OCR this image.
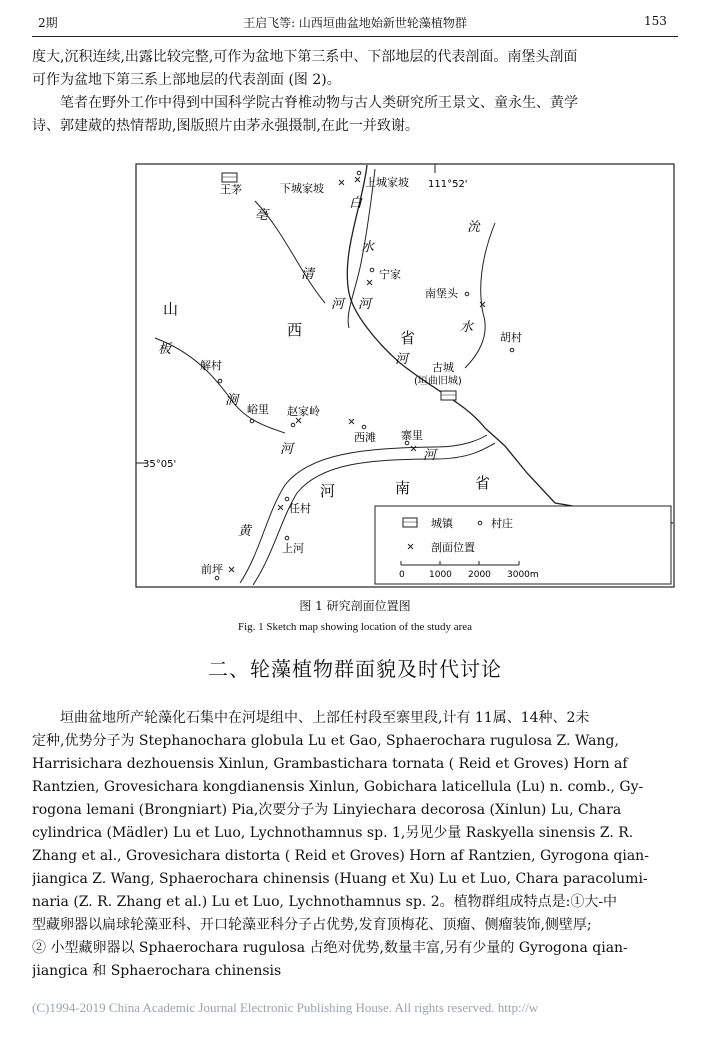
2期	王启飞等: 山西垣曲盆地始新世轮藻植物群	153
度大,沉积连续,出露比较完整,可作为盆地下第三系中、下部地层的代表剖面。南堡头剖面
可作为盆地下第三系上部地层的代表剖面 (图 2)。
笔者在野外工作中得到中国科学院古脊椎动物与古人类研究所王景文、童永生、黄学
诗、郭建葳的热情帮助,图版照片由茅永强摄制,在此一并致谢。
王茅	下城家坡	上城家坡 111°52'
宁家
南堡头
胡村
古城
(垣曲旧城)
解村
峪里 赵家岭
西滩 寨里
任村
上河
前坪
35°05'
山
西	省
河	南	省
亳
清
河
白
水
河
沇
水
河
板
涧
河
黄
河
城镇	村庄
剖面位置
0	1000 2000 3000m
图 1 研究剖面位置图
Fig. 1 Sketch map showing location of the study area
二、轮藻植物群面貌及时代讨论
垣曲盆地所产轮藻化石集中在河堤组中、上部任村段至寨里段,计有 11属、14种、2未
定种,优势分子为 Stephanochara globula Lu et Gao, Sphaerochara rugulosa Z. Wang,
Harrisichara dezhouensis Xinlun, Grambastichara tornata ( Reid et Groves) Horn af
Rantzien, Grovesichara kongdianensis Xinlun, Gobichara laticellula (Lu) n. comb., Gy-
rogona lemani (Brongniart) Pia,次要分子为 Linyiechara decorosa (Xinlun) Lu, Chara
cylindrica (Mädler) Lu et Luo, Lychnothamnus sp. 1,另见少量 Raskyella sinensis Z. R.
Zhang et al., Grovesichara distorta ( Reid et Groves) Horn af Rantzien, Gyrogona qian-
jiangica Z. Wang, Sphaerochara chinensis (Huang et Xu) Lu et Luo, Chara paracolumi-
naria (Z. R. Zhang et al.) Lu et Luo, Lychnothamnus sp. 2。植物群组成特点是:①大-中
型藏卵器以扁球轮藻亚科、开口轮藻亚科分子占优势,发育顶梅花、顶瘤、侧瘤装饰,侧壁厚;
② 小型藏卵器以 Sphaerochara rugulosa 占绝对优势,数量丰富,另有少量的 Gyrogona qian-
jiangica 和 Sphaerochara chinensis
(C)1994-2019 China Academic Journal Electronic Publishing House. All rights reserved. http://w
